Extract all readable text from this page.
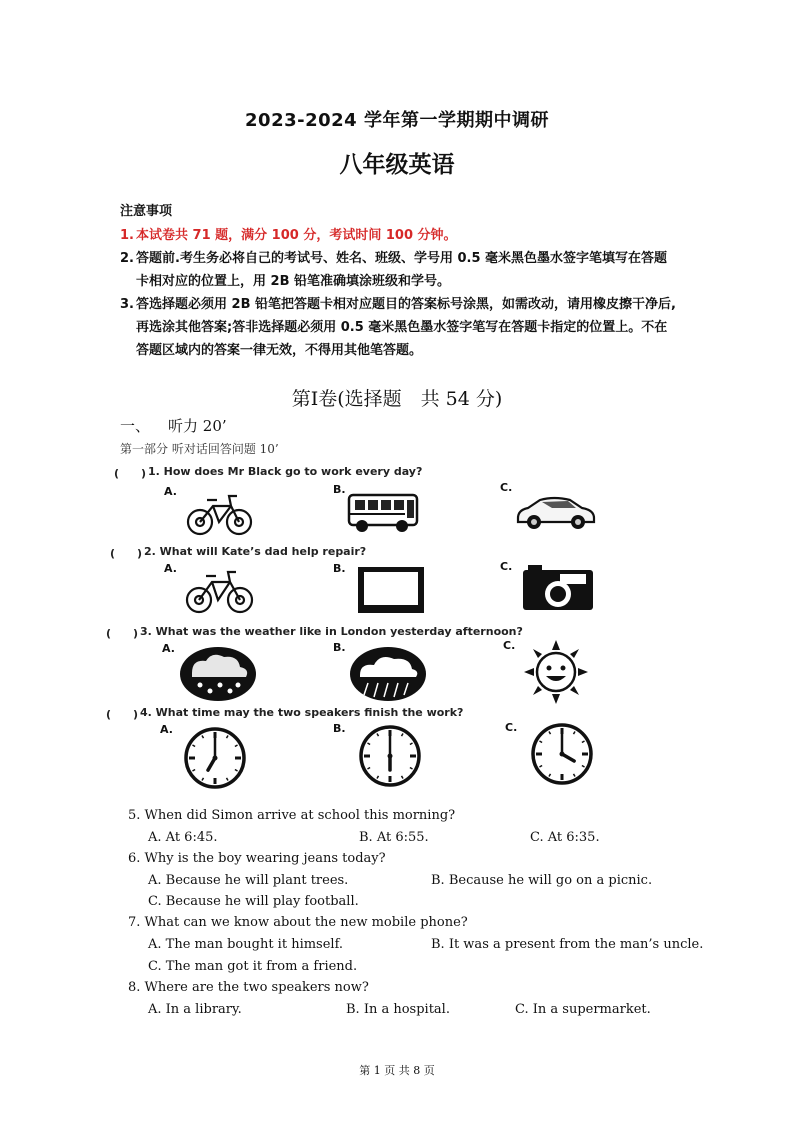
2023-2024 学年第一学期期中调研
八年级英语
注意事项
1. 本试卷共 71 题，满分 100 分，考试时间 100 分钟。
2. 答题前.考生务必将自己的考试号、姓名、班级、学号用 0.5 毫米黑色墨水签字笔填写在答题卡相对应的位置上，用 2B 铅笔准确填涂班级和学号。
3. 答选择题必须用 2B 铅笔把答题卡相对应题目的答案标号涂黑，如需改动，请用橡皮擦干净后,再选涂其他答案;答非选择题必须用 0.5 毫米黑色墨水签字笔写在答题卡指定的位置上。不在答题区域内的答案一律无效，不得用其他笔答题。
第Ⅰ卷(选择题　共 54 分)
一、 听力 20’
第一部分 听对话回答问题 10’
(　　) 1. How does Mr Black go to work every day?
A.	B.	C.
(　　) 2. What will Kate’s dad help repair?
A.	B.	C.
(　　) 3. What was the weather like in London yesterday afternoon?
A.	B.	C.
(　　) 4. What time may the two speakers finish the work?
A.	B.	C.
5. When did Simon arrive at school this morning?
A. At 6:45.	B. At 6:55.	C. At 6:35.
6. Why is the boy wearing jeans today?
A. Because he will plant trees.	B. Because he will go on a picnic.
C. Because he will play football.
7. What can we know about the new mobile phone?
A. The man bought it himself.	B. It was a present from the man’s uncle.
C. The man got it from a friend.
8. Where are the two speakers now?
A. In a library.	B. In a hospital.	C. In a supermarket.
第 1 页 共 8 页
